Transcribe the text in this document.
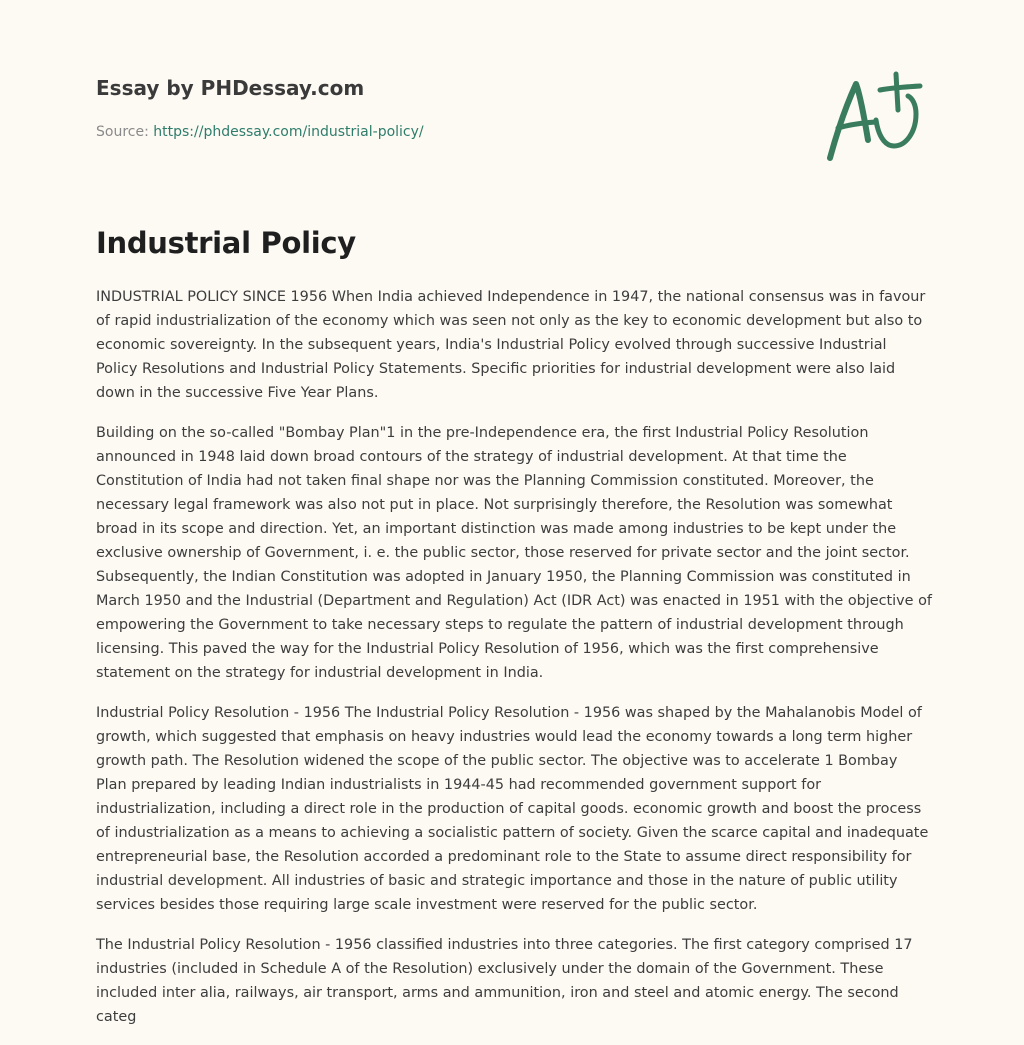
Essay by PHDessay.com
Source: https://phdessay.com/industrial-policy/
Industrial Policy

INDUSTRIAL POLICY SINCE 1956 When India achieved Independence in 1947, the national consensus was in favour of rapid industrialization of the economy which was seen not only as the key to economic development but also to economic sovereignty. In the subsequent years, India's Industrial Policy evolved through successive Industrial Policy Resolutions and Industrial Policy Statements. Specific priorities for industrial development were also laid down in the successive Five Year Plans.

Building on the so-called "Bombay Plan"1 in the pre-Independence era, the first Industrial Policy Resolution announced in 1948 laid down broad contours of the strategy of industrial development. At that time the Constitution of India had not taken final shape nor was the Planning Commission constituted. Moreover, the necessary legal framework was also not put in place. Not surprisingly therefore, the Resolution was somewhat broad in its scope and direction. Yet, an important distinction was made among industries to be kept under the exclusive ownership of Government, i. e. the public sector, those reserved for private sector and the joint sector. Subsequently, the Indian Constitution was adopted in January 1950, the Planning Commission was constituted in March 1950 and the Industrial (Department and Regulation) Act (IDR Act) was enacted in 1951 with the objective of empowering the Government to take necessary steps to regulate the pattern of industrial development through licensing. This paved the way for the Industrial Policy Resolution of 1956, which was the first comprehensive statement on the strategy for industrial development in India.

Industrial Policy Resolution - 1956 The Industrial Policy Resolution - 1956 was shaped by the Mahalanobis Model of growth, which suggested that emphasis on heavy industries would lead the economy towards a long term higher growth path. The Resolution widened the scope of the public sector. The objective was to accelerate 1 Bombay Plan prepared by leading Indian industrialists in 1944-45 had recommended government support for industrialization, including a direct role in the production of capital goods. economic growth and boost the process of industrialization as a means to achieving a socialistic pattern of society. Given the scarce capital and inadequate entrepreneurial base, the Resolution accorded a predominant role to the State to assume direct responsibility for industrial development. All industries of basic and strategic importance and those in the nature of public utility services besides those requiring large scale investment were reserved for the public sector.

The Industrial Policy Resolution - 1956 classified industries into three categories. The first category comprised 17 industries (included in Schedule A of the Resolution) exclusively under the domain of the Government. These included inter alia, railways, air transport, arms and ammunition, iron and steel and atomic energy. The second categ
